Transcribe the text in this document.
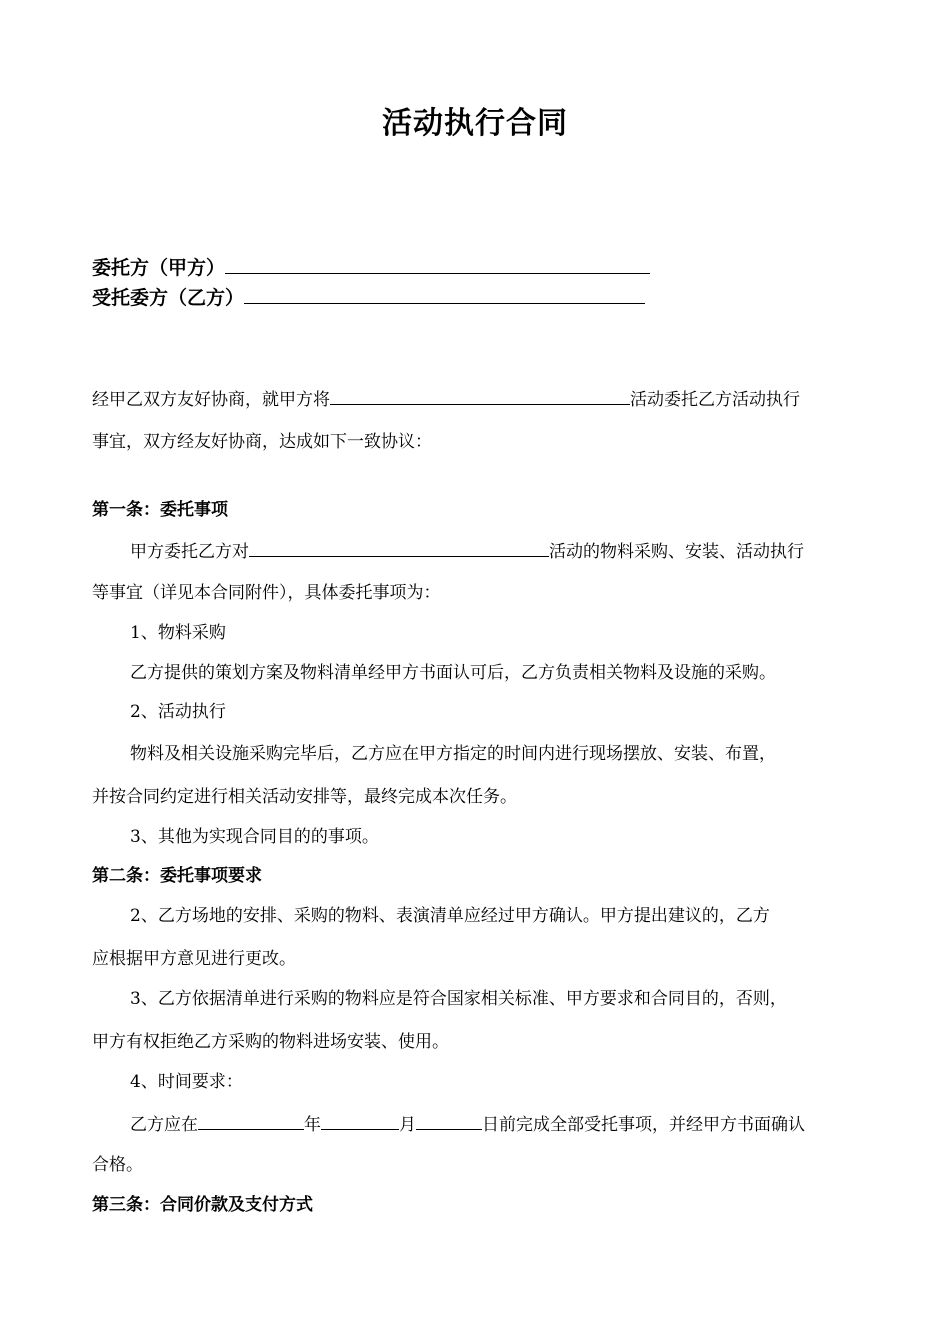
活动执行合同
委托方（甲方）
受托委方（乙方）
经甲乙双方友好协商，就甲方将	活动委托乙方活动执行
事宜，双方经友好协商，达成如下一致协议：
第一条：委托事项
甲方委托乙方对	活动的物料采购、安装、活动执行
等事宜（详见本合同附件），具体委托事项为：
1、物料采购
乙方提供的策划方案及物料清单经甲方书面认可后，乙方负责相关物料及设施的采购。
2、活动执行
物料及相关设施采购完毕后，乙方应在甲方指定的时间内进行现场摆放、安装、布置，
并按合同约定进行相关活动安排等，最终完成本次任务。
3、其他为实现合同目的的事项。
第二条：委托事项要求
2、乙方场地的安排、采购的物料、表演清单应经过甲方确认。甲方提出建议的，乙方
应根据甲方意见进行更改。
3、乙方依据清单进行采购的物料应是符合国家相关标准、甲方要求和合同目的，否则，
甲方有权拒绝乙方采购的物料进场安装、使用。
4、时间要求：
乙方应在	年	月	日前完成全部受托事项，并经甲方书面确认
合格。
第三条：合同价款及支付方式
